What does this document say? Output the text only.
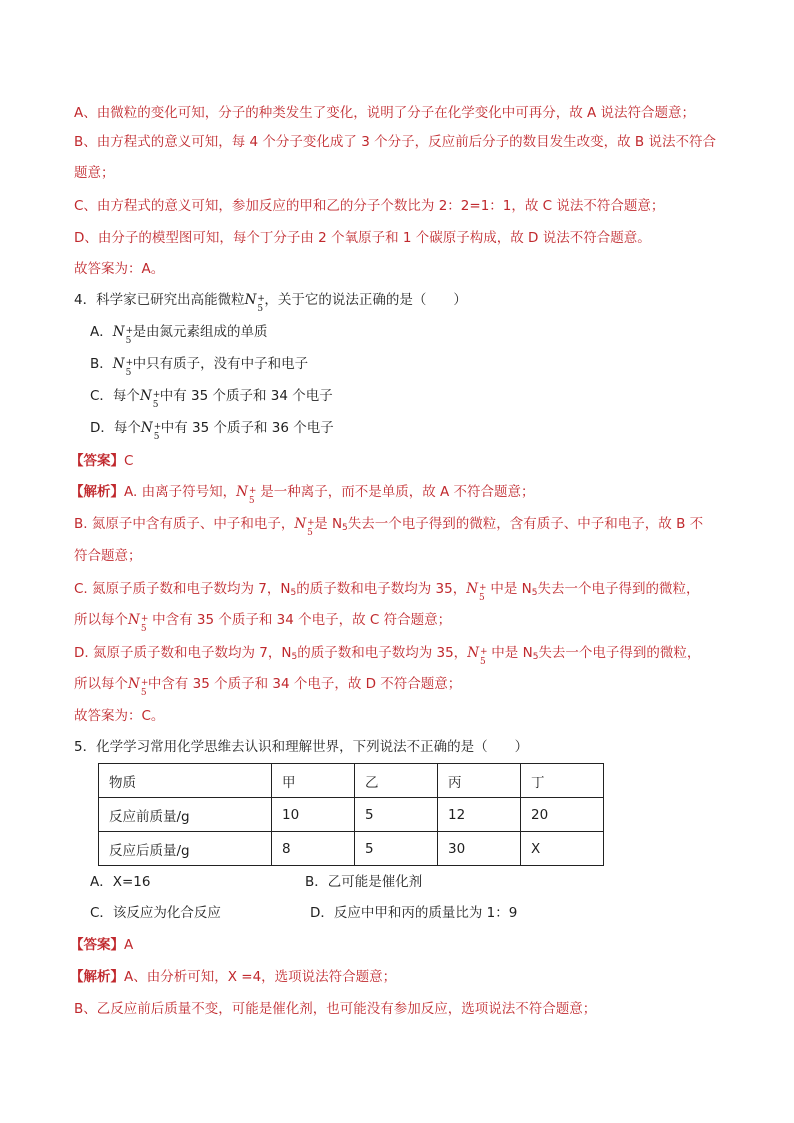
A、由微粒的变化可知，分子的种类发生了变化，说明了分子在化学变化中可再分，故 A 说法符合题意；
B、由方程式的意义可知，每 4 个分子变化成了 3 个分子，反应前后分子的数目发生改变，故 B 说法不符合
题意；
C、由方程式的意义可知，参加反应的甲和乙的分子个数比为 2：2=1：1，故 C 说法不符合题意；
D、由分子的模型图可知，每个丁分子由 2 个氧原子和 1 个碳原子构成，故 D 说法不符合题意。
故答案为：A。
4．科学家已研究出高能微粒N +
5
，关于它的说法正确的是（　　）
A．N +
5
是由氮元素组成的单质
B．N +
5
中只有质子，没有中子和电子
C．每个N +
5
中有 35 个质子和 34 个电子
D．每个N +
5
中有 35 个质子和 36 个电子
【答案】C
【解析】A. 由离子符号知，N +
5
是一种离子，而不是单质，故 A 不符合题意；
B. 氮原子中含有质子、中子和电子，N +
5
是 N5失去一个电子得到的微粒，含有质子、中子和电子，故 B 不
符合题意；
C. 氮原子质子数和电子数均为 7，N5的质子数和电子数均为 35，N +
5
中是 N5失去一个电子得到的微粒，
所以每个N +
5
中含有 35 个质子和 34 个电子，故 C 符合题意；
D. 氮原子质子数和电子数均为 7，N5的质子数和电子数均为 35，N +
5
中是 N5失去一个电子得到的微粒，
所以每个N +
5
中含有 35 个质子和 34 个电子，故 D 不符合题意；
故答案为：C。
5．化学学习常用化学思维去认识和理解世界，下列说法不正确的是（　　）
物质	甲	乙	丙	丁
反应前质量/g	10	5	12	20
反应后质量/g	8	5	30	X
A．X=16	B．乙可能是催化剂
C．该反应为化合反应	D．反应中甲和丙的质量比为 1：9
【答案】A
【解析】A、由分析可知，X =4，选项说法符合题意；
B、乙反应前后质量不变，可能是催化剂，也可能没有参加反应，选项说法不符合题意；
